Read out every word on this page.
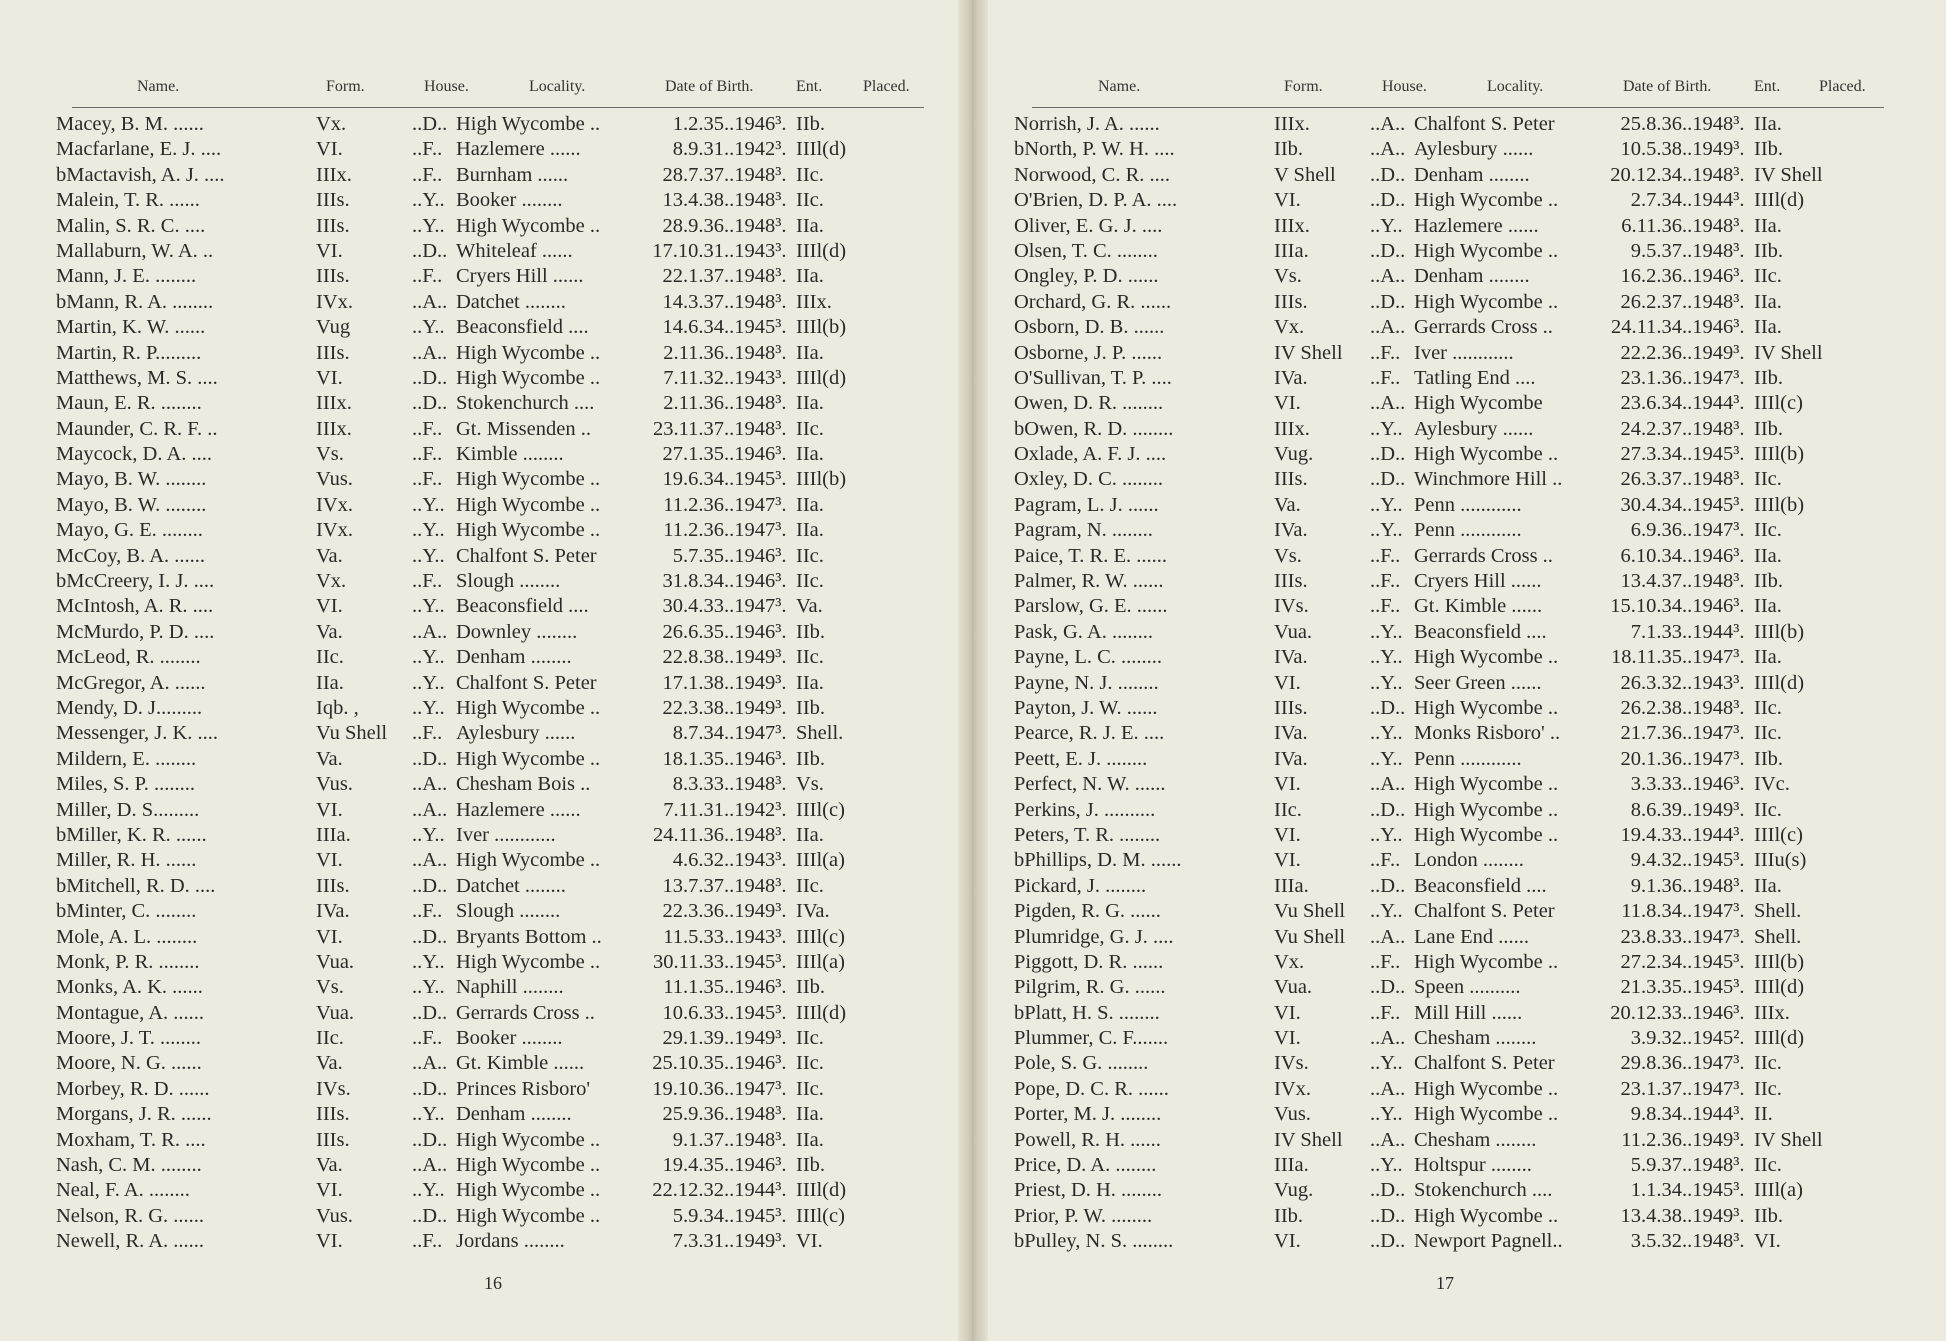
Name.	Form.	House.	Locality.	Date of Birth.	Ent.	Placed.
Macey, B. M. ......	Vx.	..D.. High Wycombe ..	1.2.35 ..1946³. IIb.
Macfarlane, E. J. ....	VI.	..F.. Hazlemere ......	8.9.31 ..1942³. IIIl(d)
bMactavish, A. J. ....	IIIx.	..F.. Burnham ......	28.7.37 ..1948³. IIc.
Malein, T. R. ......	IIIs.	..Y.. Booker ........	13.4.38 ..1948³. IIc.
Malin, S. R. C. ....	IIIs.	..Y.. High Wycombe ..	28.9.36 ..1948³. IIa.
Mallaburn, W. A. ..	VI.	..D.. Whiteleaf ......	17.10.31 ..1943³. IIIl(d)
Mann, J. E. ........	IIIs.	..F.. Cryers Hill ......	22.1.37 ..1948³. IIa.
bMann, R. A. ........	IVx.	..A.. Datchet ........	14.3.37 ..1948³. IIIx.
Martin, K. W. ......	Vug	..Y.. Beaconsfield ....	14.6.34 ..1945³. IIIl(b)
Martin, R. P.........	IIIs.	..A.. High Wycombe ..	2.11.36 ..1948³. IIa.
Matthews, M. S. ....	VI.	..D.. High Wycombe ..	7.11.32 ..1943³. IIIl(d)
Maun, E. R. ........	IIIx.	..D.. Stokenchurch ....	2.11.36 ..1948³. IIa.
Maunder, C. R. F. ..	IIIx.	..F.. Gt. Missenden ..	23.11.37 ..1948³. IIc.
Maycock, D. A. ....	Vs.	..F.. Kimble ........	27.1.35 ..1946³. IIa.
Mayo, B. W. ........	Vus.	..F.. High Wycombe ..	19.6.34 ..1945³. IIIl(b)
Mayo, B. W. ........	IVx.	..Y.. High Wycombe ..	11.2.36 ..1947³. IIa.
Mayo, G. E. ........	IVx.	..Y.. High Wycombe ..	11.2.36 ..1947³. IIa.
McCoy, B. A. ......	Va.	..Y.. Chalfont S. Peter	5.7.35 ..1946³. IIc.
bMcCreery, I. J. ....	Vx.	..F.. Slough ........	31.8.34 ..1946³. IIc.
McIntosh, A. R. ....	VI.	..Y.. Beaconsfield ....	30.4.33 ..1947³. Va.
McMurdo, P. D. ....	Va.	..A.. Downley ........	26.6.35 ..1946³. IIb.
McLeod, R. ........	IIc.	..Y.. Denham ........	22.8.38 ..1949³. IIc.
McGregor, A. ......	IIa.	..Y.. Chalfont S. Peter	17.1.38 ..1949³. IIa.
Mendy, D. J.........	Iqb. ,	..Y.. High Wycombe ..	22.3.38 ..1949³. IIb.
Messenger, J. K. ....	Vu Shell	..F.. Aylesbury ......	8.7.34 ..1947³. Shell.
Mildern, E. ........	Va.	..D.. High Wycombe ..	18.1.35 ..1946³. IIb.
Miles, S. P. ........	Vus.	..A.. Chesham Bois ..	8.3.33 ..1948³. Vs.
Miller, D. S.........	VI.	..A.. Hazlemere ......	7.11.31 ..1942³. IIIl(c)
bMiller, K. R. ......	IIIa.	..Y.. Iver ............	24.11.36 ..1948³. IIa.
Miller, R. H. ......	VI.	..A.. High Wycombe ..	4.6.32 ..1943³. IIIl(a)
bMitchell, R. D. ....	IIIs.	..D.. Datchet ........	13.7.37 ..1948³. IIc.
bMinter, C. ........	IVa.	..F.. Slough ........	22.3.36 ..1949³. IVa.
Mole, A. L. ........	VI.	..D.. Bryants Bottom ..	11.5.33 ..1943³. IIIl(c)
Monk, P. R. ........	Vua.	..Y.. High Wycombe ..	30.11.33 ..1945³. IIIl(a)
Monks, A. K. ......	Vs.	..Y.. Naphill ........	11.1.35 ..1946³. IIb.
Montague, A. ......	Vua.	..D.. Gerrards Cross ..	10.6.33 ..1945³. IIIl(d)
Moore, J. T. ........	IIc.	..F.. Booker ........	29.1.39 ..1949³. IIc.
Moore, N. G. ......	Va.	..A.. Gt. Kimble ......	25.10.35 ..1946³. IIc.
Morbey, R. D. ......	IVs.	..D.. Princes Risboro'	19.10.36 ..1947³. IIc.
Morgans, J. R. ......	IIIs.	..Y.. Denham ........	25.9.36 ..1948³. IIa.
Moxham, T. R. ....	IIIs.	..D.. High Wycombe ..	9.1.37 ..1948³. IIa.
Nash, C. M. ........	Va.	..A.. High Wycombe ..	19.4.35 ..1946³. IIb.
Neal, F. A. ........	VI.	..Y.. High Wycombe ..	22.12.32 ..1944³. IIIl(d)
Nelson, R. G. ......	Vus.	..D.. High Wycombe ..	5.9.34 ..1945³. IIIl(c)
Newell, R. A. ......	VI.	..F.. Jordans ........	7.3.31 ..1949³. VI.
16
Name.	Form.	House.	Locality.	Date of Birth.	Ent. Placed.
Norrish, J. A. ......	IIIx.	..A.. Chalfont S. Peter	25.8.36 ..1948³. IIa.
bNorth, P. W. H. ....	IIb.	..A.. Aylesbury ......	10.5.38 ..1949³. IIb.
Norwood, C. R. ....	V Shell	..D.. Denham ........	20.12.34 ..1948³. IV Shell
O'Brien, D. P. A. ....	VI.	..D.. High Wycombe ..	2.7.34 ..1944³. IIIl(d)
Oliver, E. G. J. ....	IIIx.	..Y.. Hazlemere ......	6.11.36 ..1948³. IIa.
Olsen, T. C. ........	IIIa.	..D.. High Wycombe ..	9.5.37 ..1948³. IIb.
Ongley, P. D. ......	Vs.	..A.. Denham ........	16.2.36 ..1946³. IIc.
Orchard, G. R. ......	IIIs.	..D.. High Wycombe ..	26.2.37 ..1948³. IIa.
Osborn, D. B. ......	Vx.	..A.. Gerrards Cross ..	24.11.34 ..1946³. IIa.
Osborne, J. P. ......	IV Shell	..F.. Iver ............	22.2.36 ..1949³. IV Shell
O'Sullivan, T. P. ....	IVa.	..F.. Tatling End ....	23.1.36 ..1947³. IIb.
Owen, D. R. ........	VI.	..A.. High Wycombe	23.6.34 ..1944³. IIIl(c)
bOwen, R. D. ........	IIIx.	..Y.. Aylesbury ......	24.2.37 ..1948³. IIb.
Oxlade, A. F. J. ....	Vug.	..D.. High Wycombe ..	27.3.34 ..1945³. IIIl(b)
Oxley, D. C. ........	IIIs.	..D.. Winchmore Hill ..	26.3.37 ..1948³. IIc.
Pagram, L. J. ......	Va.	..Y.. Penn ............	30.4.34 ..1945³. IIIl(b)
Pagram, N. ........	IVa.	..Y.. Penn ............	6.9.36 ..1947³. IIc.
Paice, T. R. E. ......	Vs.	..F.. Gerrards Cross ..	6.10.34 ..1946³. IIa.
Palmer, R. W. ......	IIIs.	..F.. Cryers Hill ......	13.4.37 ..1948³. IIb.
Parslow, G. E. ......	IVs.	..F.. Gt. Kimble ......	15.10.34 ..1946³. IIa.
Pask, G. A. ........	Vua.	..Y.. Beaconsfield ....	7.1.33 ..1944³. IIIl(b)
Payne, L. C. ........	IVa.	..Y.. High Wycombe ..	18.11.35 ..1947³. IIa.
Payne, N. J. ........	VI.	..Y.. Seer Green ......	26.3.32 ..1943³. IIIl(d)
Payton, J. W. ......	IIIs.	..D.. High Wycombe ..	26.2.38 ..1948³. IIc.
Pearce, R. J. E. ....	IVa.	..Y.. Monks Risboro' ..	21.7.36 ..1947³. IIc.
Peett, E. J. ........	IVa.	..Y.. Penn ............	20.1.36 ..1947³. IIb.
Perfect, N. W. ......	VI.	..A.. High Wycombe ..	3.3.33 ..1946³. IVc.
Perkins, J. ..........	IIc.	..D.. High Wycombe ..	8.6.39 ..1949³. IIc.
Peters, T. R. ........	VI.	..Y.. High Wycombe ..	19.4.33 ..1944³. IIIl(c)
bPhillips, D. M. ......	VI.	..F.. London ........	9.4.32 ..1945³. IIIu(s)
Pickard, J. ........	IIIa.	..D.. Beaconsfield ....	9.1.36 ..1948³. IIa.
Pigden, R. G. ......	Vu Shell	..Y.. Chalfont S. Peter	11.8.34 ..1947³. Shell.
Plumridge, G. J. ....	Vu Shell	..A.. Lane End ......	23.8.33 ..1947³. Shell.
Piggott, D. R. ......	Vx.	..F.. High Wycombe ..	27.2.34 ..1945³. IIIl(b)
Pilgrim, R. G. ......	Vua.	..D.. Speen ..........	21.3.35 ..1945³. IIIl(d)
bPlatt, H. S. ........	VI.	..F.. Mill Hill ......	20.12.33 ..1946³. IIIx.
Plummer, C. F.......	VI.	..A.. Chesham ........	3.9.32 ..1945². IIIl(d)
Pole, S. G. ........	IVs.	..Y.. Chalfont S. Peter	29.8.36 ..1947³. IIc.
Pope, D. C. R. ......	IVx.	..A.. High Wycombe ..	23.1.37 ..1947³. IIc.
Porter, M. J. ........	Vus.	..Y.. High Wycombe ..	9.8.34 ..1944³. II.
Powell, R. H. ......	IV Shell	..A.. Chesham ........	11.2.36 ..1949³. IV Shell
Price, D. A. ........	IIIa.	..Y.. Holtspur ........	5.9.37 ..1948³. IIc.
Priest, D. H. ........	Vug.	..D.. Stokenchurch ....	1.1.34 ..1945³. IIIl(a)
Prior, P. W. ........	IIb.	..D.. High Wycombe ..	13.4.38 ..1949³. IIb.
bPulley, N. S. ........	VI.	..D.. Newport Pagnell..	3.5.32 ..1948³. VI.
17
